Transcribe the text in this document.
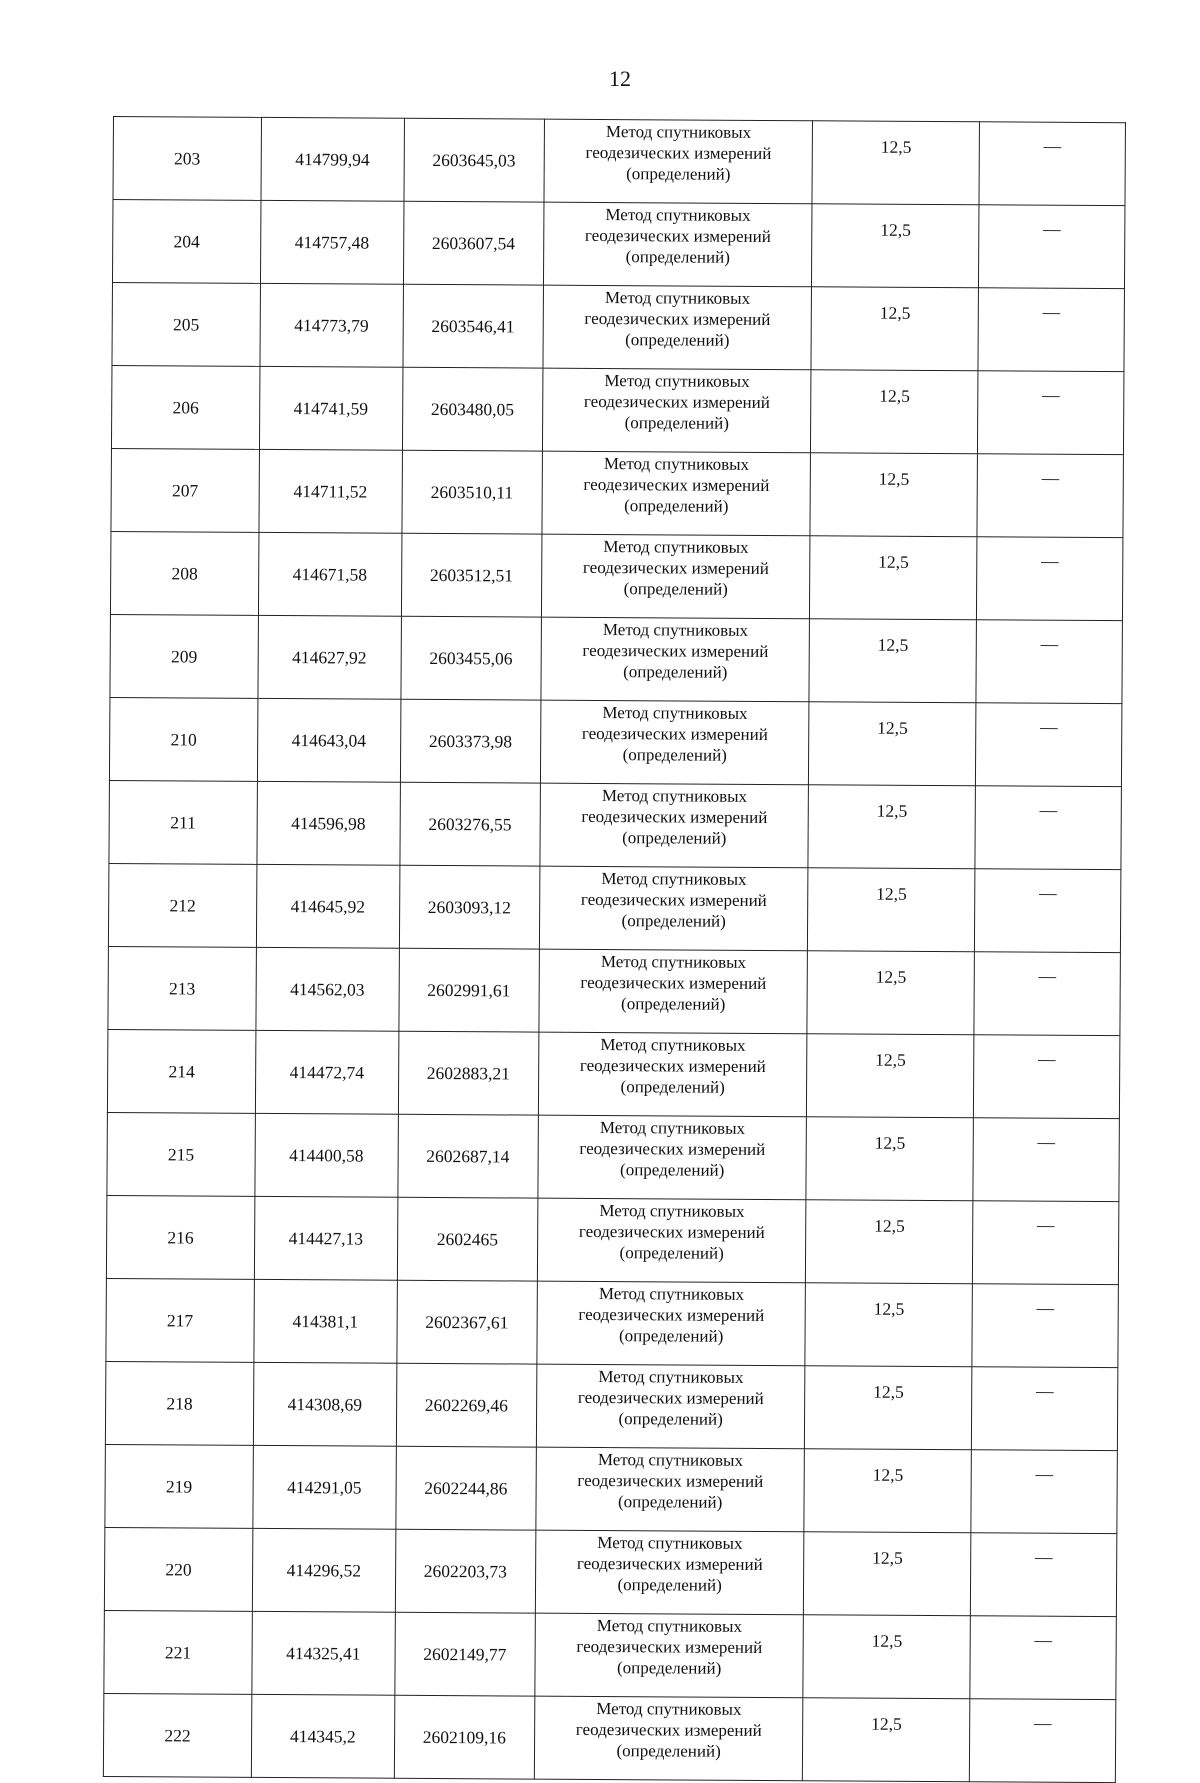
12
203	414799,94	2603645,03	Метод спутниковых
геодезических измерений
(определений)	12,5	—
204	414757,48	2603607,54	Метод спутниковых
геодезических измерений
(определений)	12,5	—
205	414773,79	2603546,41	Метод спутниковых
геодезических измерений
(определений)	12,5	—
206	414741,59	2603480,05	Метод спутниковых
геодезических измерений
(определений)	12,5	—
207	414711,52	2603510,11	Метод спутниковых
геодезических измерений
(определений)	12,5	—
208	414671,58	2603512,51	Метод спутниковых
геодезических измерений
(определений)	12,5	—
209	414627,92	2603455,06	Метод спутниковых
геодезических измерений
(определений)	12,5	—
210	414643,04	2603373,98	Метод спутниковых
геодезических измерений
(определений)	12,5	—
211	414596,98	2603276,55	Метод спутниковых
геодезических измерений
(определений)	12,5	—
212	414645,92	2603093,12	Метод спутниковых
геодезических измерений
(определений)	12,5	—
213	414562,03	2602991,61	Метод спутниковых
геодезических измерений
(определений)	12,5	—
214	414472,74	2602883,21	Метод спутниковых
геодезических измерений
(определений)	12,5	—
215	414400,58	2602687,14	Метод спутниковых
геодезических измерений
(определений)	12,5	—
216	414427,13	2602465	Метод спутниковых
геодезических измерений
(определений)	12,5	—
217	414381,1	2602367,61	Метод спутниковых
геодезических измерений
(определений)	12,5	—
218	414308,69	2602269,46	Метод спутниковых
геодезических измерений
(определений)	12,5	—
219	414291,05	2602244,86	Метод спутниковых
геодезических измерений
(определений)	12,5	—
220	414296,52	2602203,73	Метод спутниковых
геодезических измерений
(определений)	12,5	—
221	414325,41	2602149,77	Метод спутниковых
геодезических измерений
(определений)	12,5	—
222	414345,2	2602109,16	Метод спутниковых
геодезических измерений
(определений)	12,5	—
